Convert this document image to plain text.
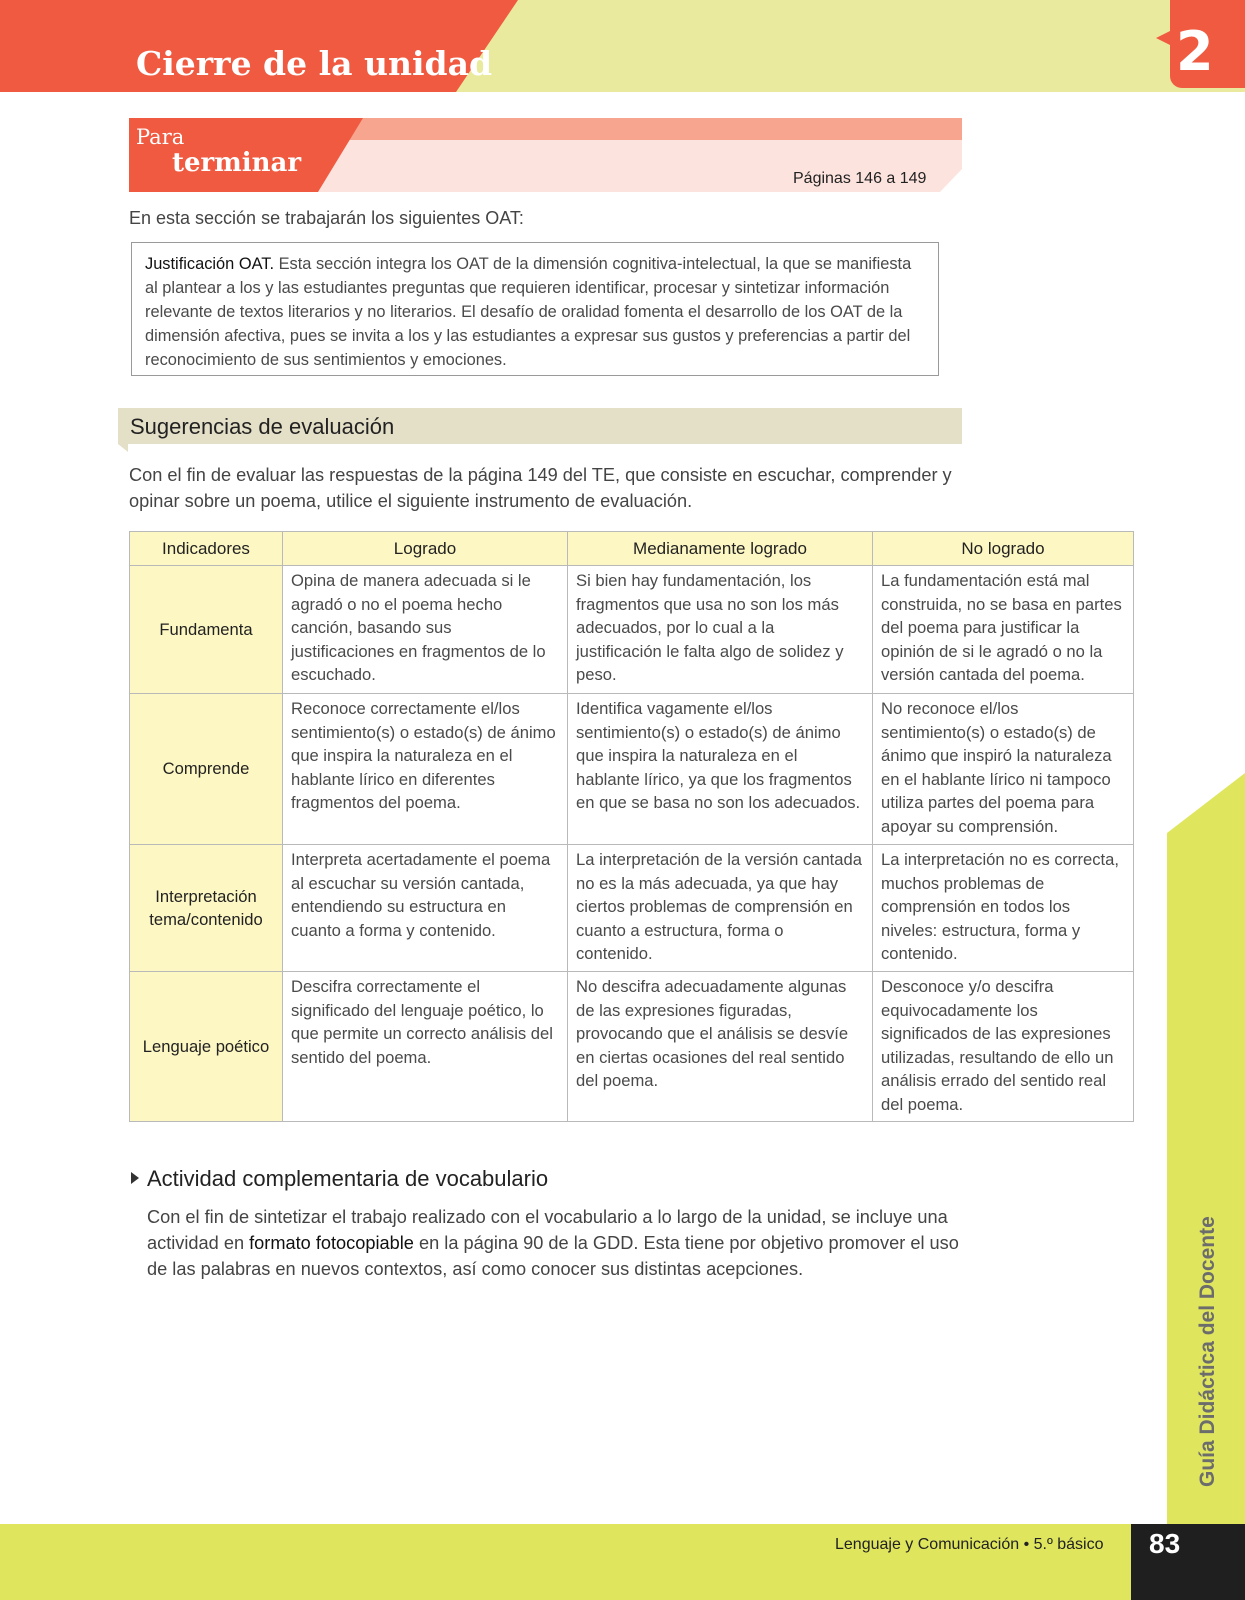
Cierre de la unidad	2
Para
terminar
Páginas 146 a 149
En esta sección se trabajarán los siguientes OAT:
Justificación OAT. Esta sección integra los OAT de la dimensión cognitiva-intelectual, la que se manifiesta al plantear a los y las estudiantes preguntas que requieren identificar, procesar y sintetizar información relevante de textos literarios y no literarios. El desafío de oralidad fomenta el desarrollo de los OAT de la dimensión afectiva, pues se invita a los y las estudiantes a expresar sus gustos y preferencias a partir del reconocimiento de sus sentimientos y emociones.
Sugerencias de evaluación
Con el fin de evaluar las respuestas de la página 149 del TE, que consiste en escuchar, comprender y opinar sobre un poema, utilice el siguiente instrumento de evaluación.
Indicadores	Logrado	Medianamente logrado	No logrado
Fundamenta	Opina de manera adecuada si le agradó o no el poema hecho canción, basando sus justificaciones en fragmentos de lo escuchado.	Si bien hay fundamentación, los fragmentos que usa no son los más adecuados, por lo cual a la justificación le falta algo de solidez y peso.	La fundamentación está mal construida, no se basa en partes del poema para justificar la opinión de si le agradó o no la versión cantada del poema.
Comprende	Reconoce correctamente el/los sentimiento(s) o estado(s) de ánimo que inspira la naturaleza en el hablante lírico en diferentes fragmentos del poema.	Identifica vagamente el/los sentimiento(s) o estado(s) de ánimo que inspira la naturaleza en el hablante lírico, ya que los fragmentos en que se basa no son los adecuados.	No reconoce el/los sentimiento(s) o estado(s) de ánimo que inspiró la naturaleza en el hablante lírico ni tampoco utiliza partes del poema para apoyar su comprensión.
Interpretación tema/contenido	Interpreta acertadamente el poema al escuchar su versión cantada, entendiendo su estructura en cuanto a forma y contenido.	La interpretación de la versión cantada no es la más adecuada, ya que hay ciertos problemas de comprensión en cuanto a estructura, forma o contenido.	La interpretación no es correcta, muchos problemas de comprensión en todos los niveles: estructura, forma y contenido.
Lenguaje poético	Descifra correctamente el significado del lenguaje poético, lo que permite un correcto análisis del sentido del poema.	No descifra adecuadamente algunas de las expresiones figuradas, provocando que el análisis se desvíe en ciertas ocasiones del real sentido del poema.	Desconoce y/o descifra equivocadamente los significados de las expresiones utilizadas, resultando de ello un análisis errado del sentido real del poema.
Actividad complementaria de vocabulario
Con el fin de sintetizar el trabajo realizado con el vocabulario a lo largo de la unidad, se incluye una actividad en formato fotocopiable en la página 90 de la GDD. Esta tiene por objetivo promover el uso de las palabras en nuevos contextos, así como conocer sus distintas acepciones.	Guía Didáctica del Docente
Lenguaje y Comunicación • 5.º básico 83
